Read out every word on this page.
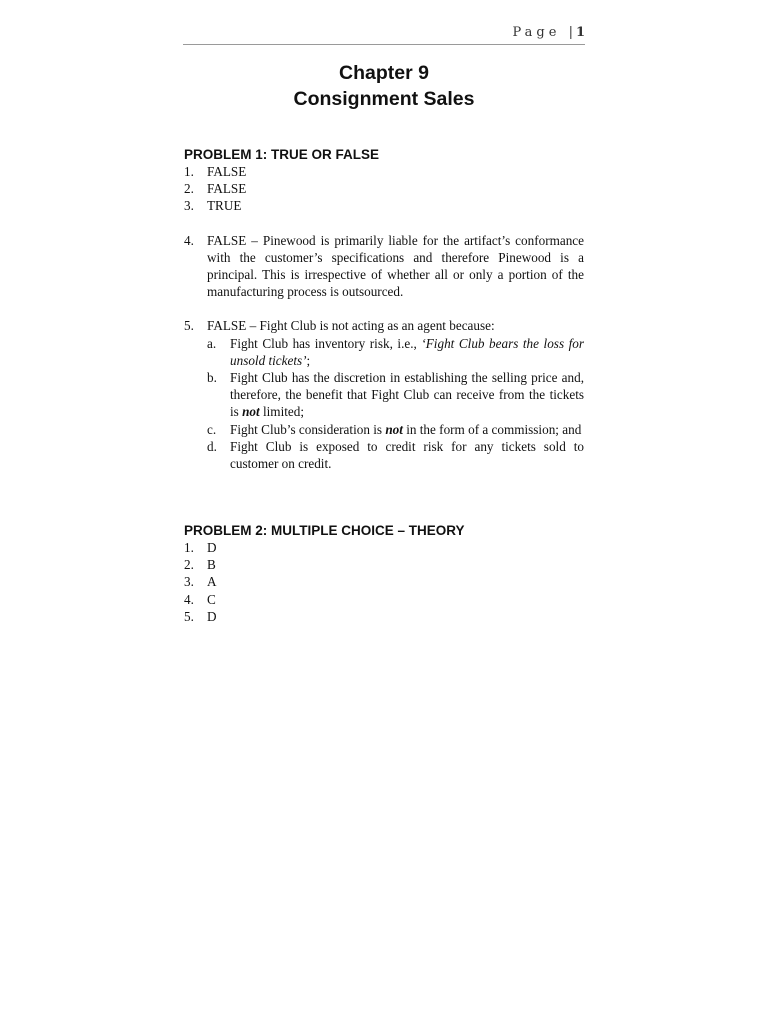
Page | 1
Chapter 9
Consignment Sales
PROBLEM 1: TRUE OR FALSE
1. FALSE
2. FALSE
3. TRUE
4. FALSE – Pinewood is primarily liable for the artifact’s conformance with the customer’s specifications and therefore Pinewood is a principal. This is irrespective of whether all or only a portion of the manufacturing process is outsourced.
5. FALSE – Fight Club is not acting as an agent because:
a. Fight Club has inventory risk, i.e., ‘Fight Club bears the loss for unsold tickets’;
b. Fight Club has the discretion in establishing the selling price and, therefore, the benefit that Fight Club can receive from the tickets is not limited;
c. Fight Club’s consideration is not in the form of a commission; and
d. Fight Club is exposed to credit risk for any tickets sold to customer on credit.
PROBLEM 2: MULTIPLE CHOICE – THEORY
1. D
2. B
3. A
4. C
5. D
